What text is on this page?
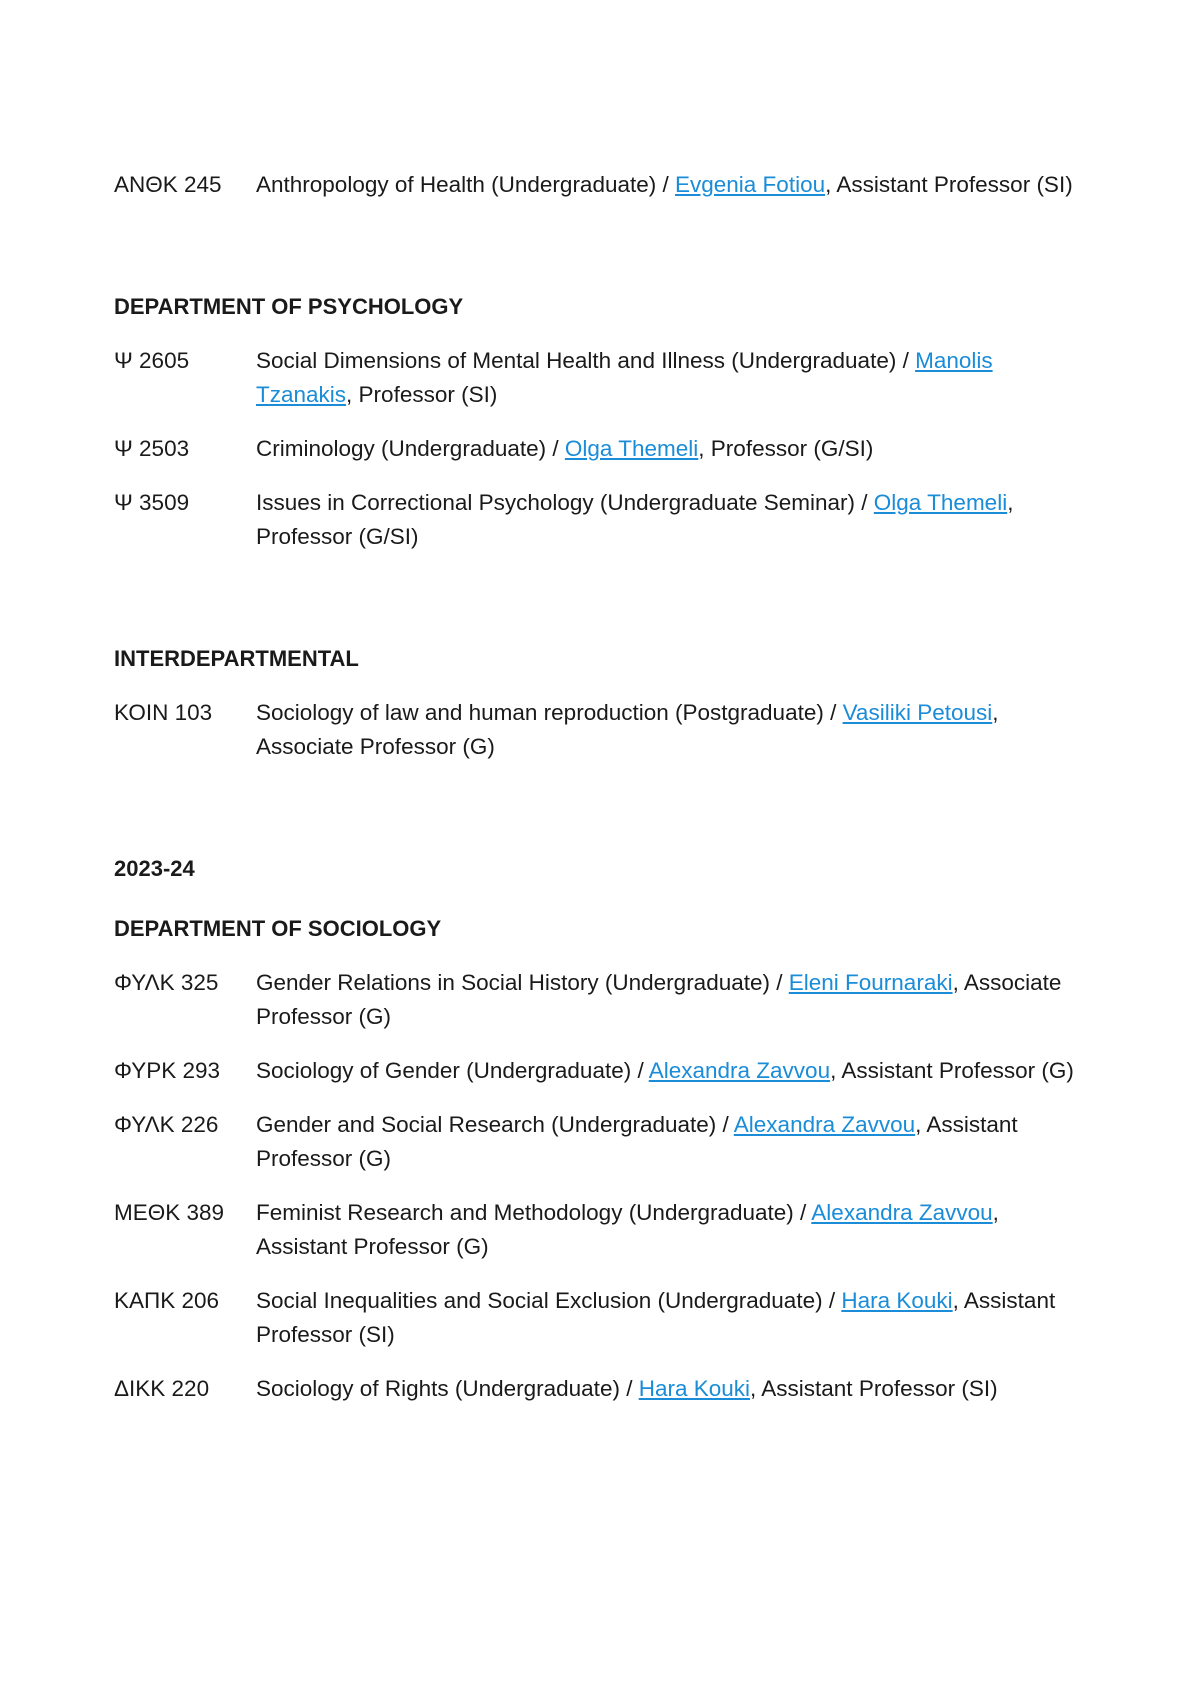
ΑΝΘΚ 245	Anthropology of Health (Undergraduate) / Evgenia Fotiou, Assistant Professor (SI)
DEPARTMENT OF PSYCHOLOGY
Ψ 2605	Social Dimensions of Mental Health and Illness (Undergraduate) / Manolis Tzanakis, Professor (SI)
Ψ 2503	Criminology (Undergraduate) / Olga Themeli, Professor (G/SI)
Ψ 3509	Issues in Correctional Psychology (Undergraduate Seminar) / Olga Themeli, Professor (G/SI)
INTERDEPARTMENTAL
ΚΟΙΝ 103	Sociology of law and human reproduction (Postgraduate) / Vasiliki Petousi, Associate Professor (G)
2023-24
DEPARTMENT OF SOCIOLOGY
ΦΥΛΚ 325	Gender Relations in Social History (Undergraduate) / Eleni Fournaraki, Associate Professor (G)
ΦΥΡΚ 293	Sociology of Gender (Undergraduate) / Alexandra Zavvou, Assistant Professor (G)
ΦΥΛΚ 226	Gender and Social Research (Undergraduate) / Alexandra Zavvou, Assistant Professor (G)
ΜΕΘΚ 389	Feminist Research and Methodology (Undergraduate) / Alexandra Zavvou, Assistant Professor (G)
ΚΑΠΚ 206	Social Inequalities and Social Exclusion (Undergraduate) / Hara Kouki, Assistant Professor (SI)
ΔΙΚΚ 220	Sociology of Rights (Undergraduate) / Hara Kouki, Assistant Professor (SI)
